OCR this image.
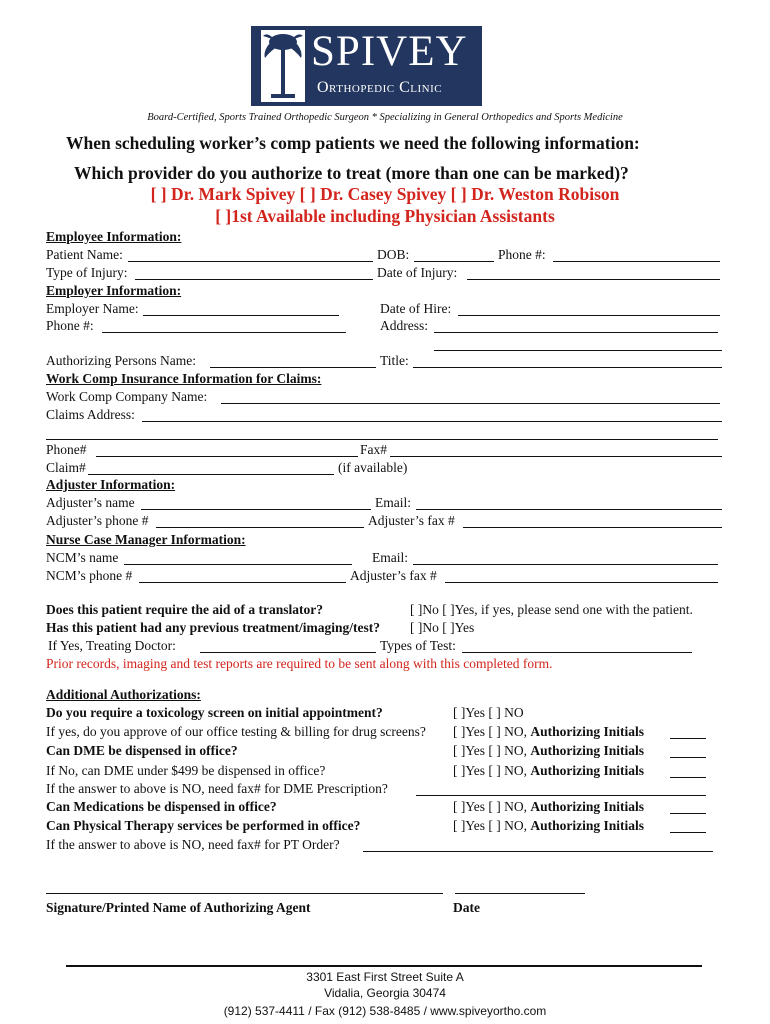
SPIVEY
Orthopedic Clinic
Board-Certified, Sports Trained Orthopedic Surgeon * Specializing in General Orthopedics and Sports Medicine
When scheduling worker’s comp patients we need the following information:
Which provider do you authorize to treat (more than one can be marked)?
[ ] Dr. Mark Spivey [ ] Dr. Casey Spivey [ ] Dr. Weston Robison
[ ]1st Available including Physician Assistants
Employee Information:
Patient Name:	DOB:	Phone #:
Type of Injury:	Date of Injury:
Employer Information:
Employer Name:	Date of Hire:
Phone #:	Address:
Authorizing Persons Name:	Title:
Work Comp Insurance Information for Claims:
Work Comp Company Name:
Claims Address:
Phone#	Fax#
Claim#	(if available)
Adjuster Information:
Adjuster’s name	Email:
Adjuster’s phone #	Adjuster’s fax #
Nurse Case Manager Information:
NCM’s name	Email:
NCM’s phone #	Adjuster’s fax #
Does this patient require the aid of a translator?	[ ]No [ ]Yes, if yes, please send one with the patient.
Has this patient had any previous treatment/imaging/test? [ ]No [ ]Yes
If Yes, Treating Doctor:	Types of Test:
Prior records, imaging and test reports are required to be sent along with this completed form.
Additional Authorizations:
Do you require a toxicology screen on initial appointment?	[ ]Yes [ ] NO
If yes, do you approve of our office testing & billing for drug screens? [ ]Yes [ ] NO, Authorizing Initials
Can DME be dispensed in office?	[ ]Yes [ ] NO, Authorizing Initials
If No, can DME under $499 be dispensed in office?	[ ]Yes [ ] NO, Authorizing Initials
If the answer to above is NO, need fax# for DME Prescription?
Can Medications be dispensed in office?	[ ]Yes [ ] NO, Authorizing Initials
Can Physical Therapy services be performed in office?	[ ]Yes [ ] NO, Authorizing Initials
If the answer to above is NO, need fax# for PT Order?
Signature/Printed Name of Authorizing Agent	Date
3301 East First Street Suite A
Vidalia, Georgia 30474
(912) 537-4411 / Fax (912) 538-8485 / www.spiveyortho.com
